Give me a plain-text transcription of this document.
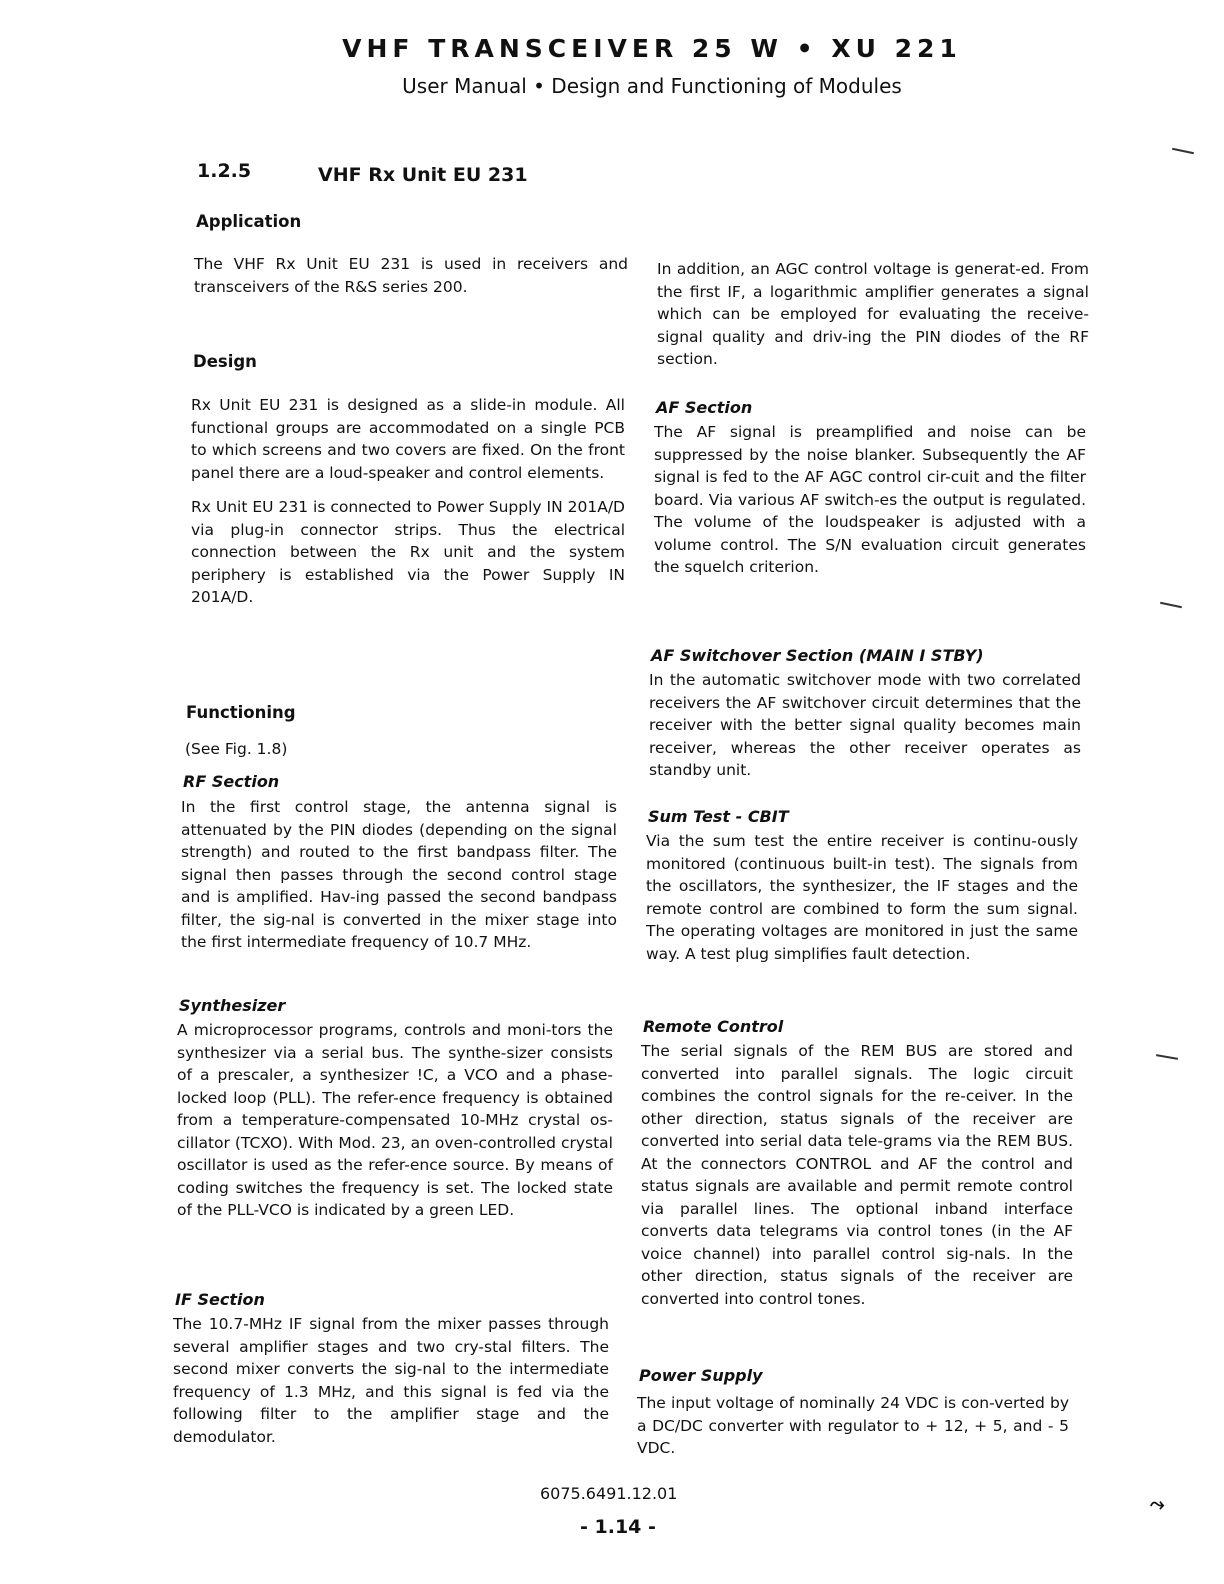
VHF TRANSCEIVER 25 W • XU 221
User Manual • Design and Functioning of Modules
1.2.5	VHF Rx Unit EU 231
Application

The VHF Rx Unit EU 231 is used in receivers and transceivers of the R&S series 200.

Design

Rx Unit EU 231 is designed as a slide-in module. All functional groups are accommodated on a single PCB to which screens and two covers are fixed. On the front panel there are a loud-speaker and control elements.

Rx Unit EU 231 is connected to Power Supply IN 201A/D via plug-in connector strips. Thus the electrical connection between the Rx unit and the system periphery is established via the Power Supply IN 201A/D.

Functioning
(See Fig. 1.8)
RF Section

In the first control stage, the antenna signal is attenuated by the PIN diodes (depending on the signal strength) and routed to the first bandpass filter. The signal then passes through the second control stage and is amplified. Hav-ing passed the second bandpass filter, the sig-nal is converted in the mixer stage into the first intermediate frequency of 10.7 MHz.

Synthesizer

A microprocessor programs, controls and moni-tors the synthesizer via a serial bus. The synthe-sizer consists of a prescaler, a synthesizer !C, a VCO and a phase-locked loop (PLL). The refer-ence frequency is obtained from a temperature-compensated 10-MHz crystal os-cillator (TCXO). With Mod. 23, an oven-controlled crystal oscillator is used as the refer-ence source. By means of coding switches the frequency is set. The locked state of the PLL-VCO is indicated by a green LED.

IF Section

The 10.7-MHz IF signal from the mixer passes through several amplifier stages and two cry-stal filters. The second mixer converts the sig-nal to the intermediate frequency of 1.3 MHz, and this signal is fed via the following filter to the amplifier stage and the demodulator.

In addition, an AGC control voltage is generat-ed. From the first IF, a logarithmic amplifier generates a signal which can be employed for evaluating the receive-signal quality and driv-ing the PIN diodes of the RF section.

AF Section

The AF signal is preamplified and noise can be suppressed by the noise blanker. Subsequently the AF signal is fed to the AF AGC control cir-cuit and the filter board. Via various AF switch-es the output is regulated. The volume of the loudspeaker is adjusted with a volume control. The S/N evaluation circuit generates the squelch criterion.

AF Switchover Section (MAIN I STBY)

In the automatic switchover mode with two correlated receivers the AF switchover circuit determines that the receiver with the better signal quality becomes main receiver, whereas the other receiver operates as standby unit.

Sum Test - CBIT

Via the sum test the entire receiver is continu-ously monitored (continuous built-in test). The signals from the oscillators, the synthesizer, the IF stages and the remote control are combined to form the sum signal. The operating voltages are monitored in just the same way. A test plug simplifies fault detection.

Remote Control

The serial signals of the REM BUS are stored and converted into parallel signals. The logic circuit combines the control signals for the re-ceiver. In the other direction, status signals of the receiver are converted into serial data tele-grams via the REM BUS. At the connectors CONTROL and AF the control and status signals are available and permit remote control via parallel lines. The optional inband interface converts data telegrams via control tones (in the AF voice channel) into parallel control sig-nals. In the other direction, status signals of the receiver are converted into control tones.

Power Supply

The input voltage of nominally 24 VDC is con-verted by a DC/DC converter with regulator to + 12, + 5, and - 5 VDC.

6075.6491.12.01
- 1.14 -
⤳
